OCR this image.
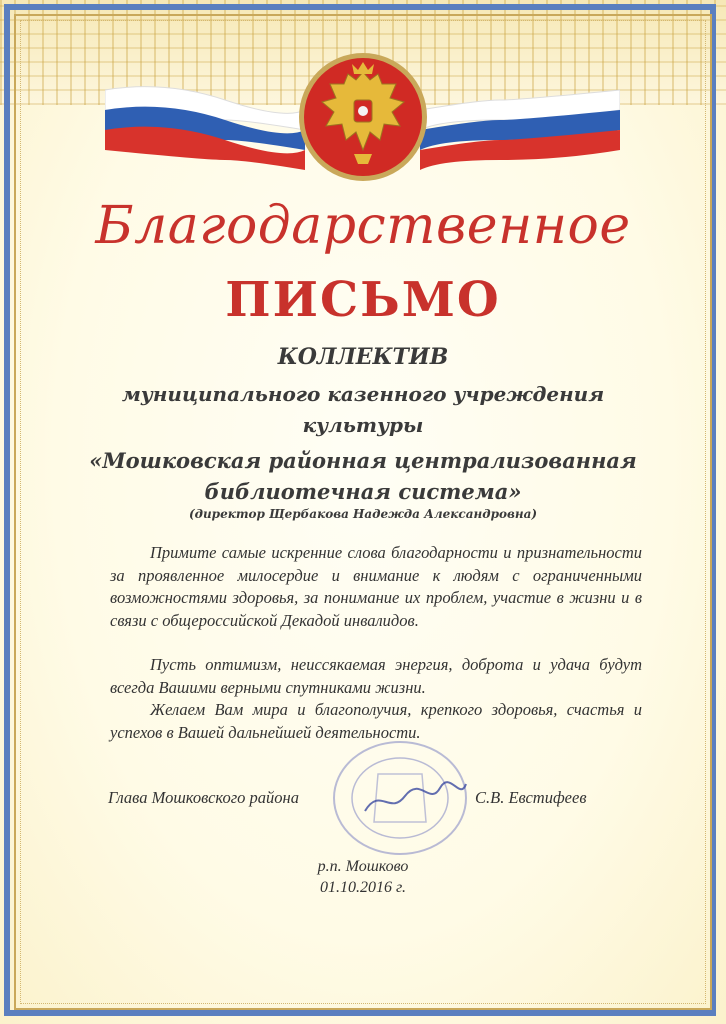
Благодарственное
ПИСЬМО
КОЛЛЕКТИВ
муниципального казенного учреждения
культуры
«Мошковская районная централизованная
библиотечная система»
(директор Щербакова Надежда Александровна)
Примите самые искренние слова благодарности и признательности за проявленное милосердие и внимание к людям с ограниченными возможностями здоровья, за понимание их проблем, участие в жизни и в связи с общероссийской Декадой инвалидов.
Пусть оптимизм, неиссякаемая энергия, доброта и удача будут всегда Вашими верными спутниками жизни.
Желаем Вам мира и благополучия, крепкого здоровья, счастья и успехов в Вашей дальнейшей деятельности.
Глава Мошковского района	С.В. Евстифеев
р.п. Мошково
01.10.2016 г.
